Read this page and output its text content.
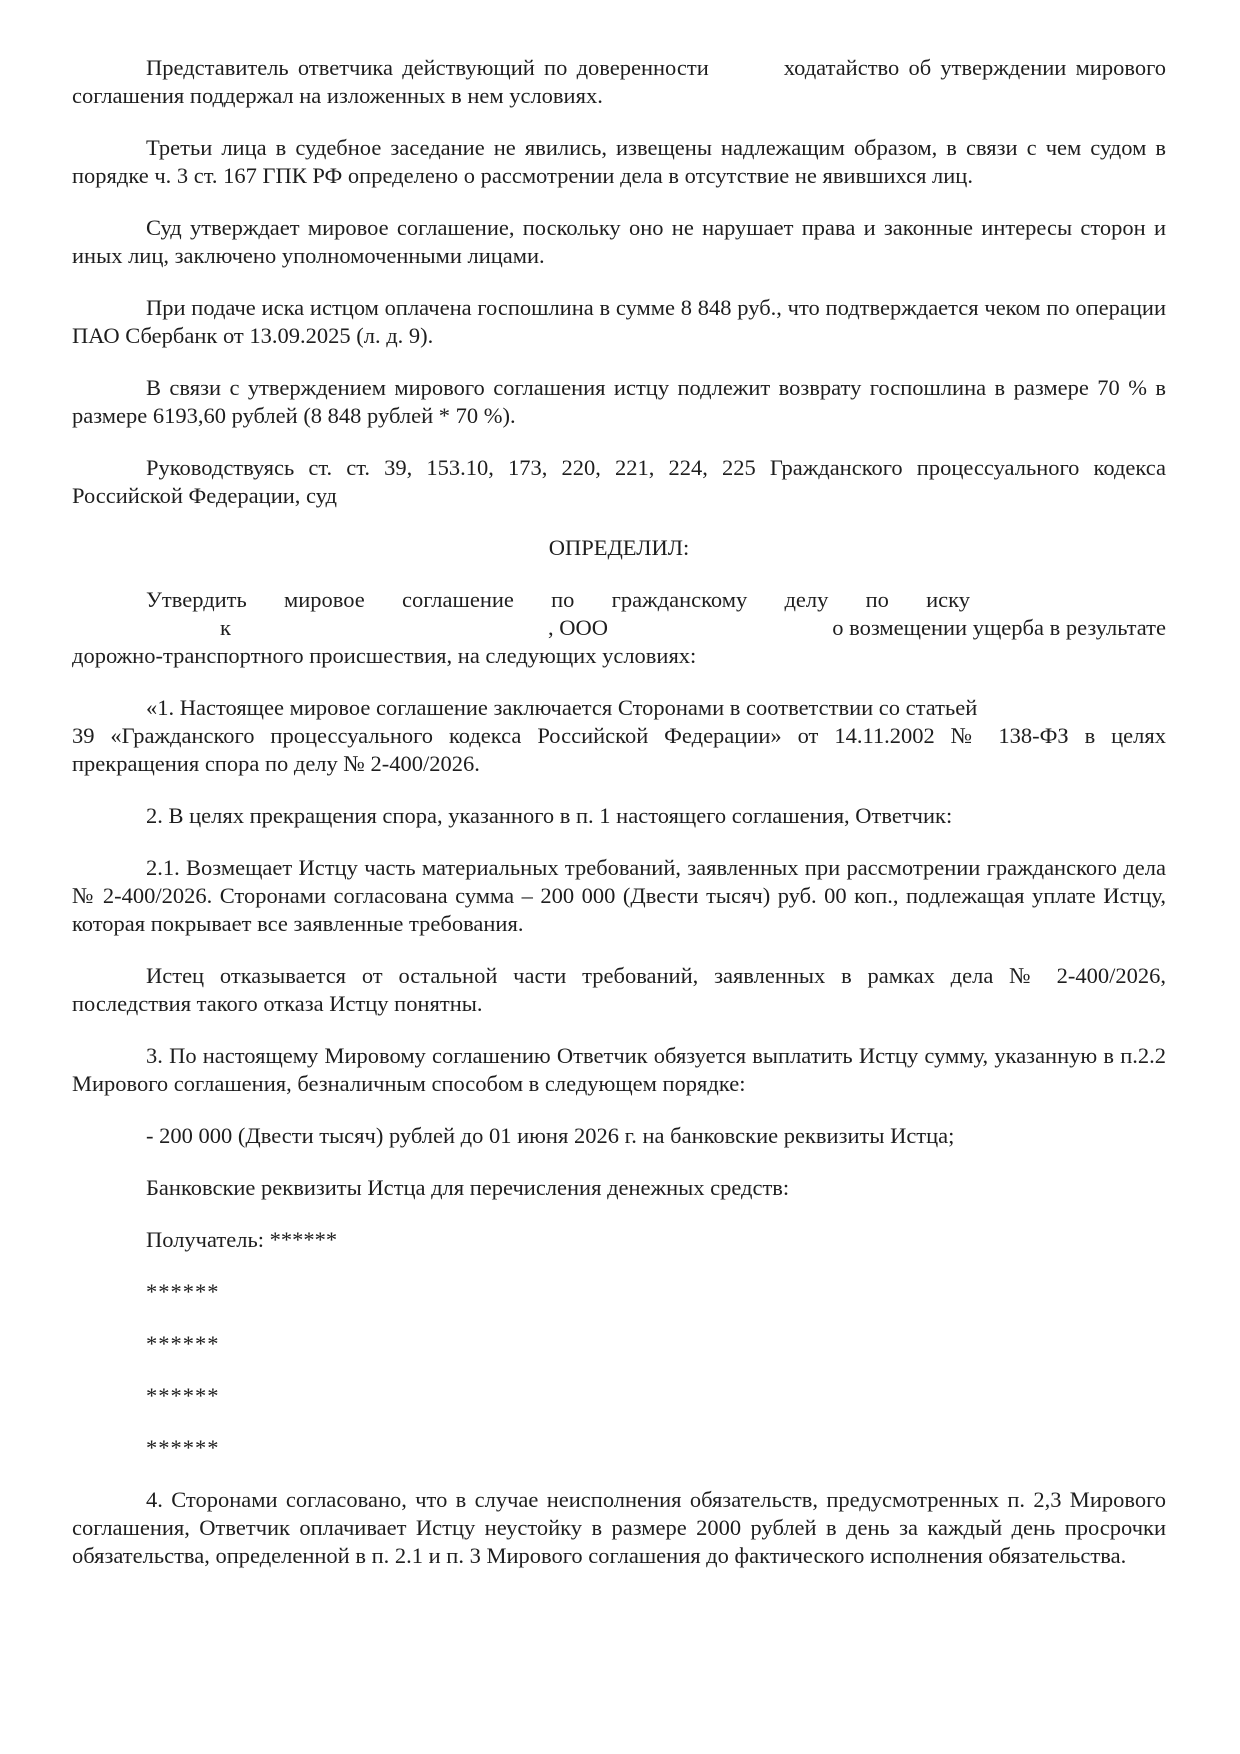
Представитель ответчика действующий по доверенности	ходатайство об утверждении мирового соглашения поддержал на изложенных в нем условиях.

Третьи лица в судебное заседание не явились, извещены надлежащим образом, в связи с чем судом в порядке ч. 3 ст. 167 ГПК РФ определено о рассмотрении дела в отсутствие не явившихся лиц.

Суд утверждает мировое соглашение, поскольку оно не нарушает права и законные интересы сторон и иных лиц, заключено уполномоченными лицами.

При подаче иска истцом оплачена госпошлина в сумме 8 848 руб., что подтверждается чеком по операции ПАО Сбербанк от 13.09.2025 (л. д. 9).

В связи с утверждением мирового соглашения истцу подлежит возврату госпошлина в размере 70 % в размере 6193,60 рублей (8 848 рублей * 70 %).

Руководствуясь ст. ст. 39, 153.10, 173, 220, 221, 224, 225 Гражданского процессуального кодекса Российской Федерации, суд

ОПРЕДЕЛИЛ:

Утвердить мировое соглашение по гражданскому делу по иску
к	, ООО	о возмещении ущерба в результате
дорожно-транспортного происшествия, на следующих условиях:
«1. Настоящее мировое соглашение заключается Сторонами в соответствии со статьей
39 «Гражданского процессуального кодекса Российской Федерации» от 14.11.2002 № 138-ФЗ в целях прекращения спора по делу № 2-400/2026.

2. В целях прекращения спора, указанного в п. 1 настоящего соглашения, Ответчик:

2.1. Возмещает Истцу часть материальных требований, заявленных при рассмотрении гражданского дела № 2-400/2026. Сторонами согласована сумма – 200 000 (Двести тысяч) руб. 00 коп., подлежащая уплате Истцу, которая покрывает все заявленные требования.

Истец отказывается от остальной части требований, заявленных в рамках дела № 2-400/2026, последствия такого отказа Истцу понятны.

3. По настоящему Мировому соглашению Ответчик обязуется выплатить Истцу сумму, указанную в п.2.2 Мирового соглашения, безналичным способом в следующем порядке:

- 200 000 (Двести тысяч) рублей до 01 июня 2026 г. на банковские реквизиты Истца;

Банковские реквизиты Истца для перечисления денежных средств:

Получатель: ******

******

******

******

******

4. Сторонами согласовано, что в случае неисполнения обязательств, предусмотренных п. 2,3 Мирового соглашения, Ответчик оплачивает Истцу неустойку в размере 2000 рублей в день за каждый день просрочки обязательства, определенной в п. 2.1 и п. 3 Мирового соглашения до фактического исполнения обязательства.
